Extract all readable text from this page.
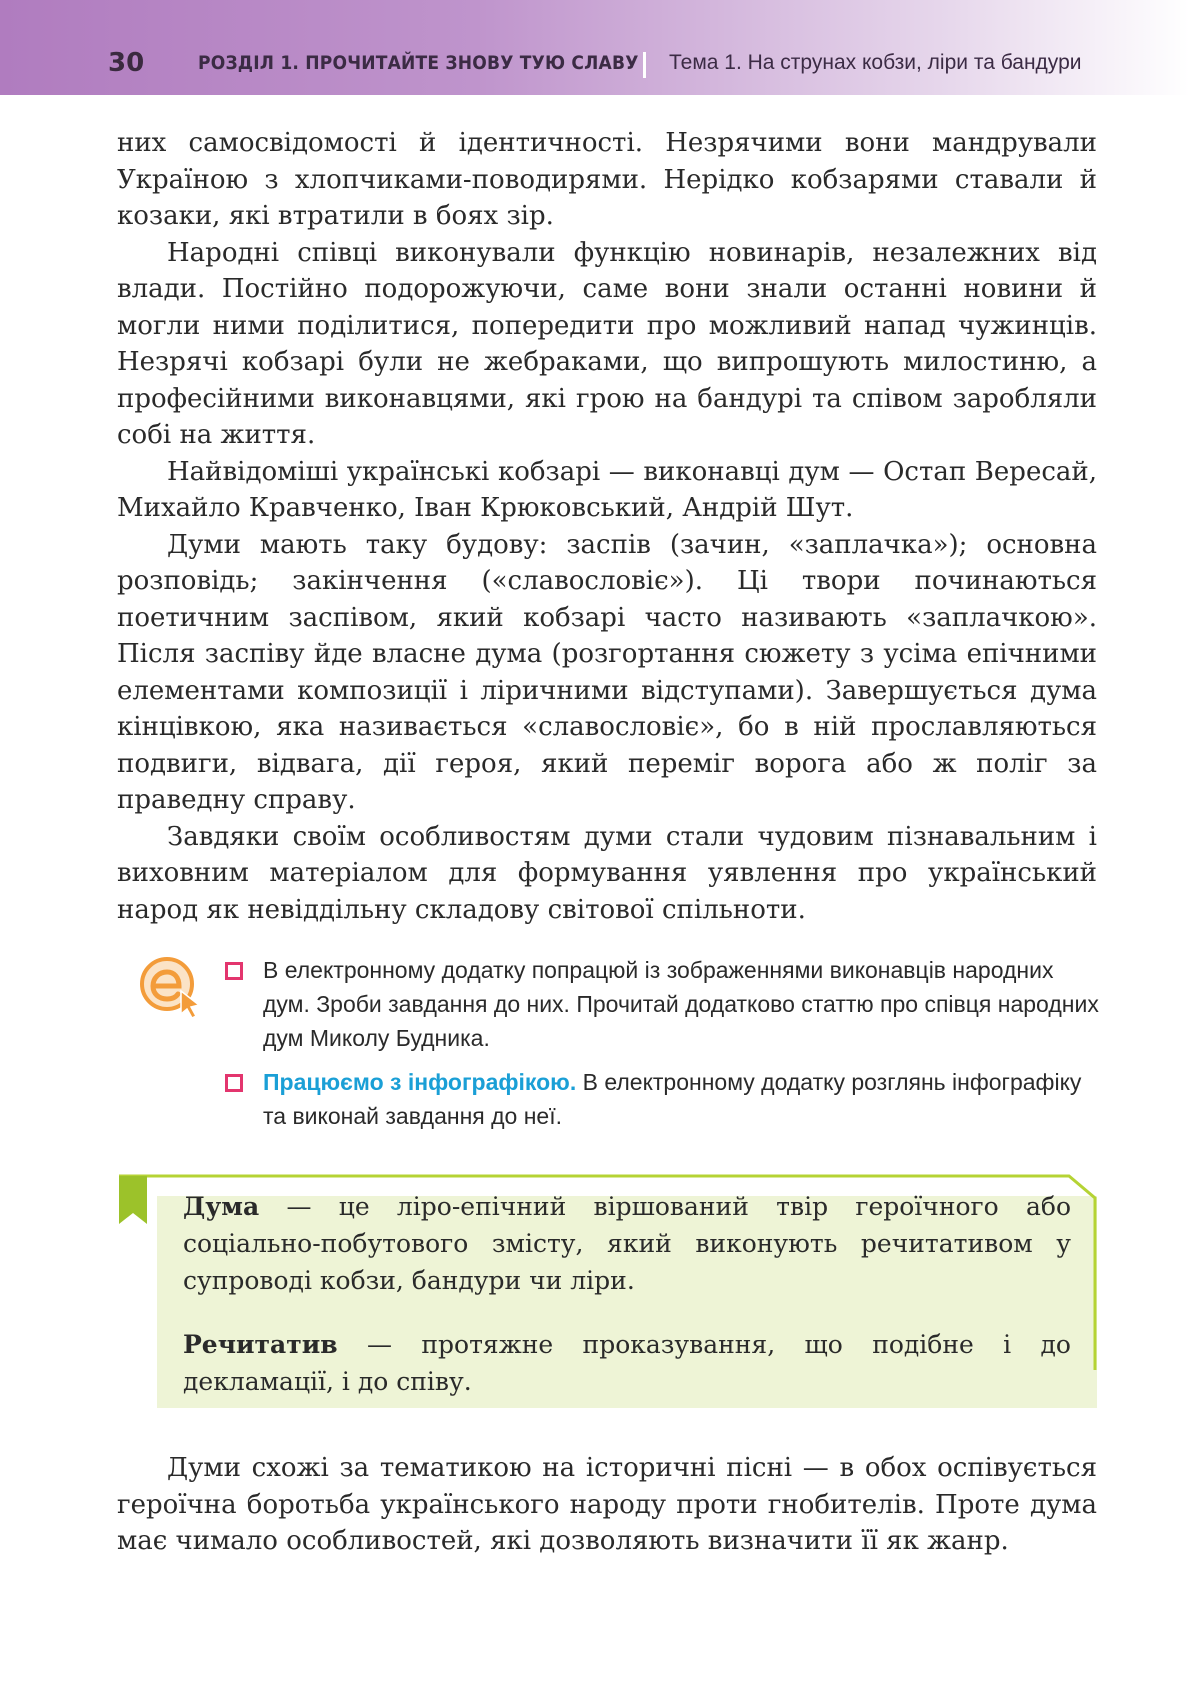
30	РОЗДІЛ 1. ПРОЧИТАЙТЕ ЗНОВУ ТУЮ СЛАВУ Тема 1. На струнах кобзи, ліри та бандури

них самосвідомості й ідентичності. Незрячими вони мандрували Україною з хлопчиками-поводирями. Нерідко кобзарями ставали й козаки, які втратили в боях зір.

Народні співці виконували функцію новинарів, незалежних від влади. Постійно подорожуючи, саме вони знали останні новини й могли ними поділитися, попередити про можливий напад чужинців. Незрячі кобзарі були не жебраками, що випрошують милостиню, а професійними виконавцями, які грою на бандурі та співом заробляли собі на життя.

Найвідоміші українські кобзарі — виконавці дум — Остап Вересай, Михайло Кравченко, Іван Крюковський, Андрій Шут.

Думи мають таку будову: заспів (зачин, «заплачка»); основна розповідь; закінчення («славословіє»). Ці твори починаються поетичним заспівом, який кобзарі часто називають «заплачкою». Після заспіву йде власне дума (розгортання сюжету з усіма епічними елементами композиції і ліричними відступами). Завершується дума кінцівкою, яка називається «славословіє», бо в ній прославляються подвиги, відвага, дії героя, який переміг ворога або ж поліг за праведну справу.

Завдяки своїм особливостям думи стали чудовим пізнавальним і виховним матеріалом для формування уявлення про український народ як невіддільну складову світової спільноти.

В електронному додатку попрацюй із зображеннями виконавців народних дум. Зроби завдання до них. Прочитай додатково статтю про співця народних дум Миколу Будника.
Працюємо з інфографікою. В електронному додатку розглянь інфографіку та виконай завдання до неї.

Дума — це ліро-епічний віршований твір героїчного або соціально-побутового змісту, який виконують речитативом у супроводі кобзи, бандури чи ліри.

Речитатив — протяжне проказування, що подібне і до декламації, і до співу.

Думи схожі за тематикою на історичні пісні — в обох оспівується героїчна боротьба українського народу проти гнобителів. Проте дума має чимало особливостей, які дозволяють визначити її як жанр.
